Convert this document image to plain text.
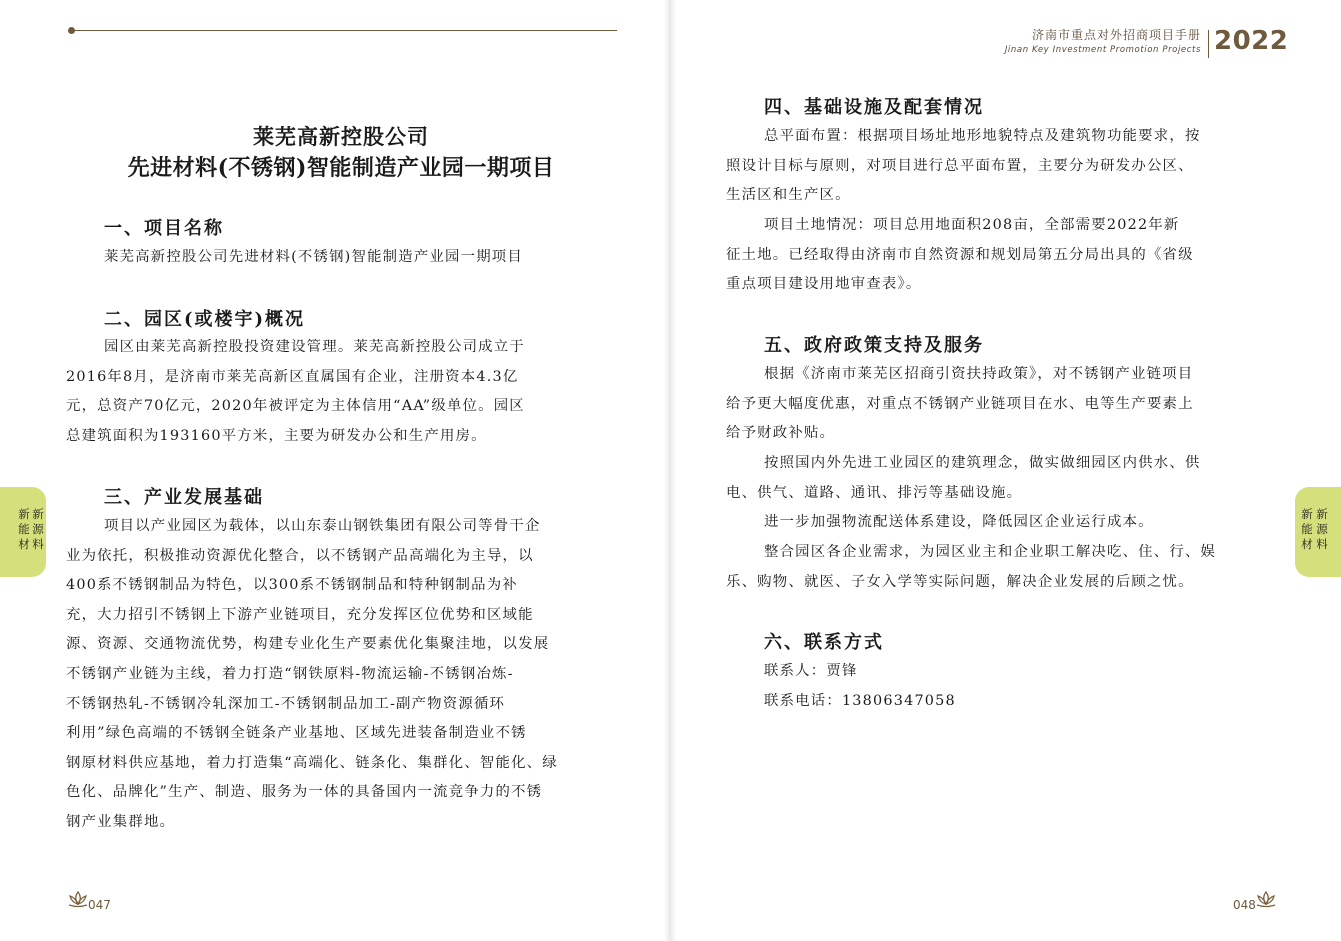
济南市重点对外招商项目手册
Jinan Key Investment Promotion Projects 2022
莱芜高新控股公司
先进材料(不锈钢)智能制造产业园一期项目
一、项目名称
莱芜高新控股公司先进材料(不锈钢)智能制造产业园一期项目
二、园区(或楼宇)概况
园区由莱芜高新控股投资建设管理。莱芜高新控股公司成立于
2016年8月，是济南市莱芜高新区直属国有企业，注册资本4.3亿
元，总资产70亿元，2020年被评定为主体信用“AA”级单位。园区
总建筑面积为193160平方米，主要为研发办公和生产用房。
三、产业发展基础
项目以产业园区为载体，以山东泰山钢铁集团有限公司等骨干企
业为依托，积极推动资源优化整合，以不锈钢产品高端化为主导，以
400系不锈钢制品为特色，以300系不锈钢制品和特种钢制品为补
充，大力招引不锈钢上下游产业链项目，充分发挥区位优势和区域能
源、资源、交通物流优势，构建专业化生产要素优化集聚洼地，以发展
不锈钢产业链为主线，着力打造“钢铁原料-物流运输-不锈钢冶炼-
不锈钢热轧-不锈钢冷轧深加工-不锈钢制品加工-副产物资源循环
利用”绿色高端的不锈钢全链条产业基地、区域先进装备制造业不锈
钢原材料供应基地，着力打造集“高端化、链条化、集群化、智能化、绿
色化、品牌化”生产、制造、服务为一体的具备国内一流竞争力的不锈
钢产业集群地。
四、基础设施及配套情况
总平面布置：根据项目场址地形地貌特点及建筑物功能要求，按
照设计目标与原则，对项目进行总平面布置，主要分为研发办公区、
生活区和生产区。
项目土地情况：项目总用地面积208亩，全部需要2022年新
征土地。已经取得由济南市自然资源和规划局第五分局出具的《省级
重点项目建设用地审查表》。
五、政府政策支持及服务
根据《济南市莱芜区招商引资扶持政策》，对不锈钢产业链项目
给予更大幅度优惠，对重点不锈钢产业链项目在水、电等生产要素上
给予财政补贴。
按照国内外先进工业园区的建筑理念，做实做细园区内供水、供
电、供气、道路、通讯、排污等基础设施。
进一步加强物流配送体系建设，降低园区企业运行成本。
整合园区各企业需求，为园区业主和企业职工解决吃、住、行、娱
乐、购物、就医、子女入学等实际问题，解决企业发展的后顾之忧。
六、联系方式
联系人：贾锋
联系电话：13806347058
新能材
新源料
新能材
新源料
047	048
